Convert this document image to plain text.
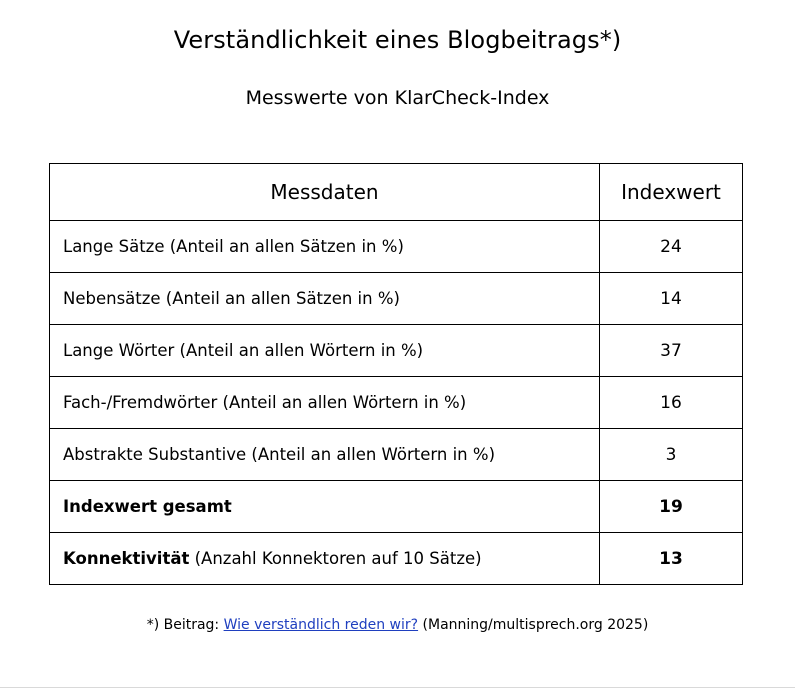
Verständlichkeit eines Blogbeitrags*)
Messwerte von KlarCheck-Index
Messdaten	Indexwert
Lange Sätze (Anteil an allen Sätzen in %)	24
Nebensätze (Anteil an allen Sätzen in %)	14
Lange Wörter (Anteil an allen Wörtern in %)	37
Fach-/Fremdwörter (Anteil an allen Wörtern in %)	16
Abstrakte Substantive (Anteil an allen Wörtern in %)	3
Indexwert gesamt	19
Konnektivität (Anzahl Konnektoren auf 10 Sätze)	13
*) Beitrag: Wie verständlich reden wir? (Manning/multisprech.org 2025)
